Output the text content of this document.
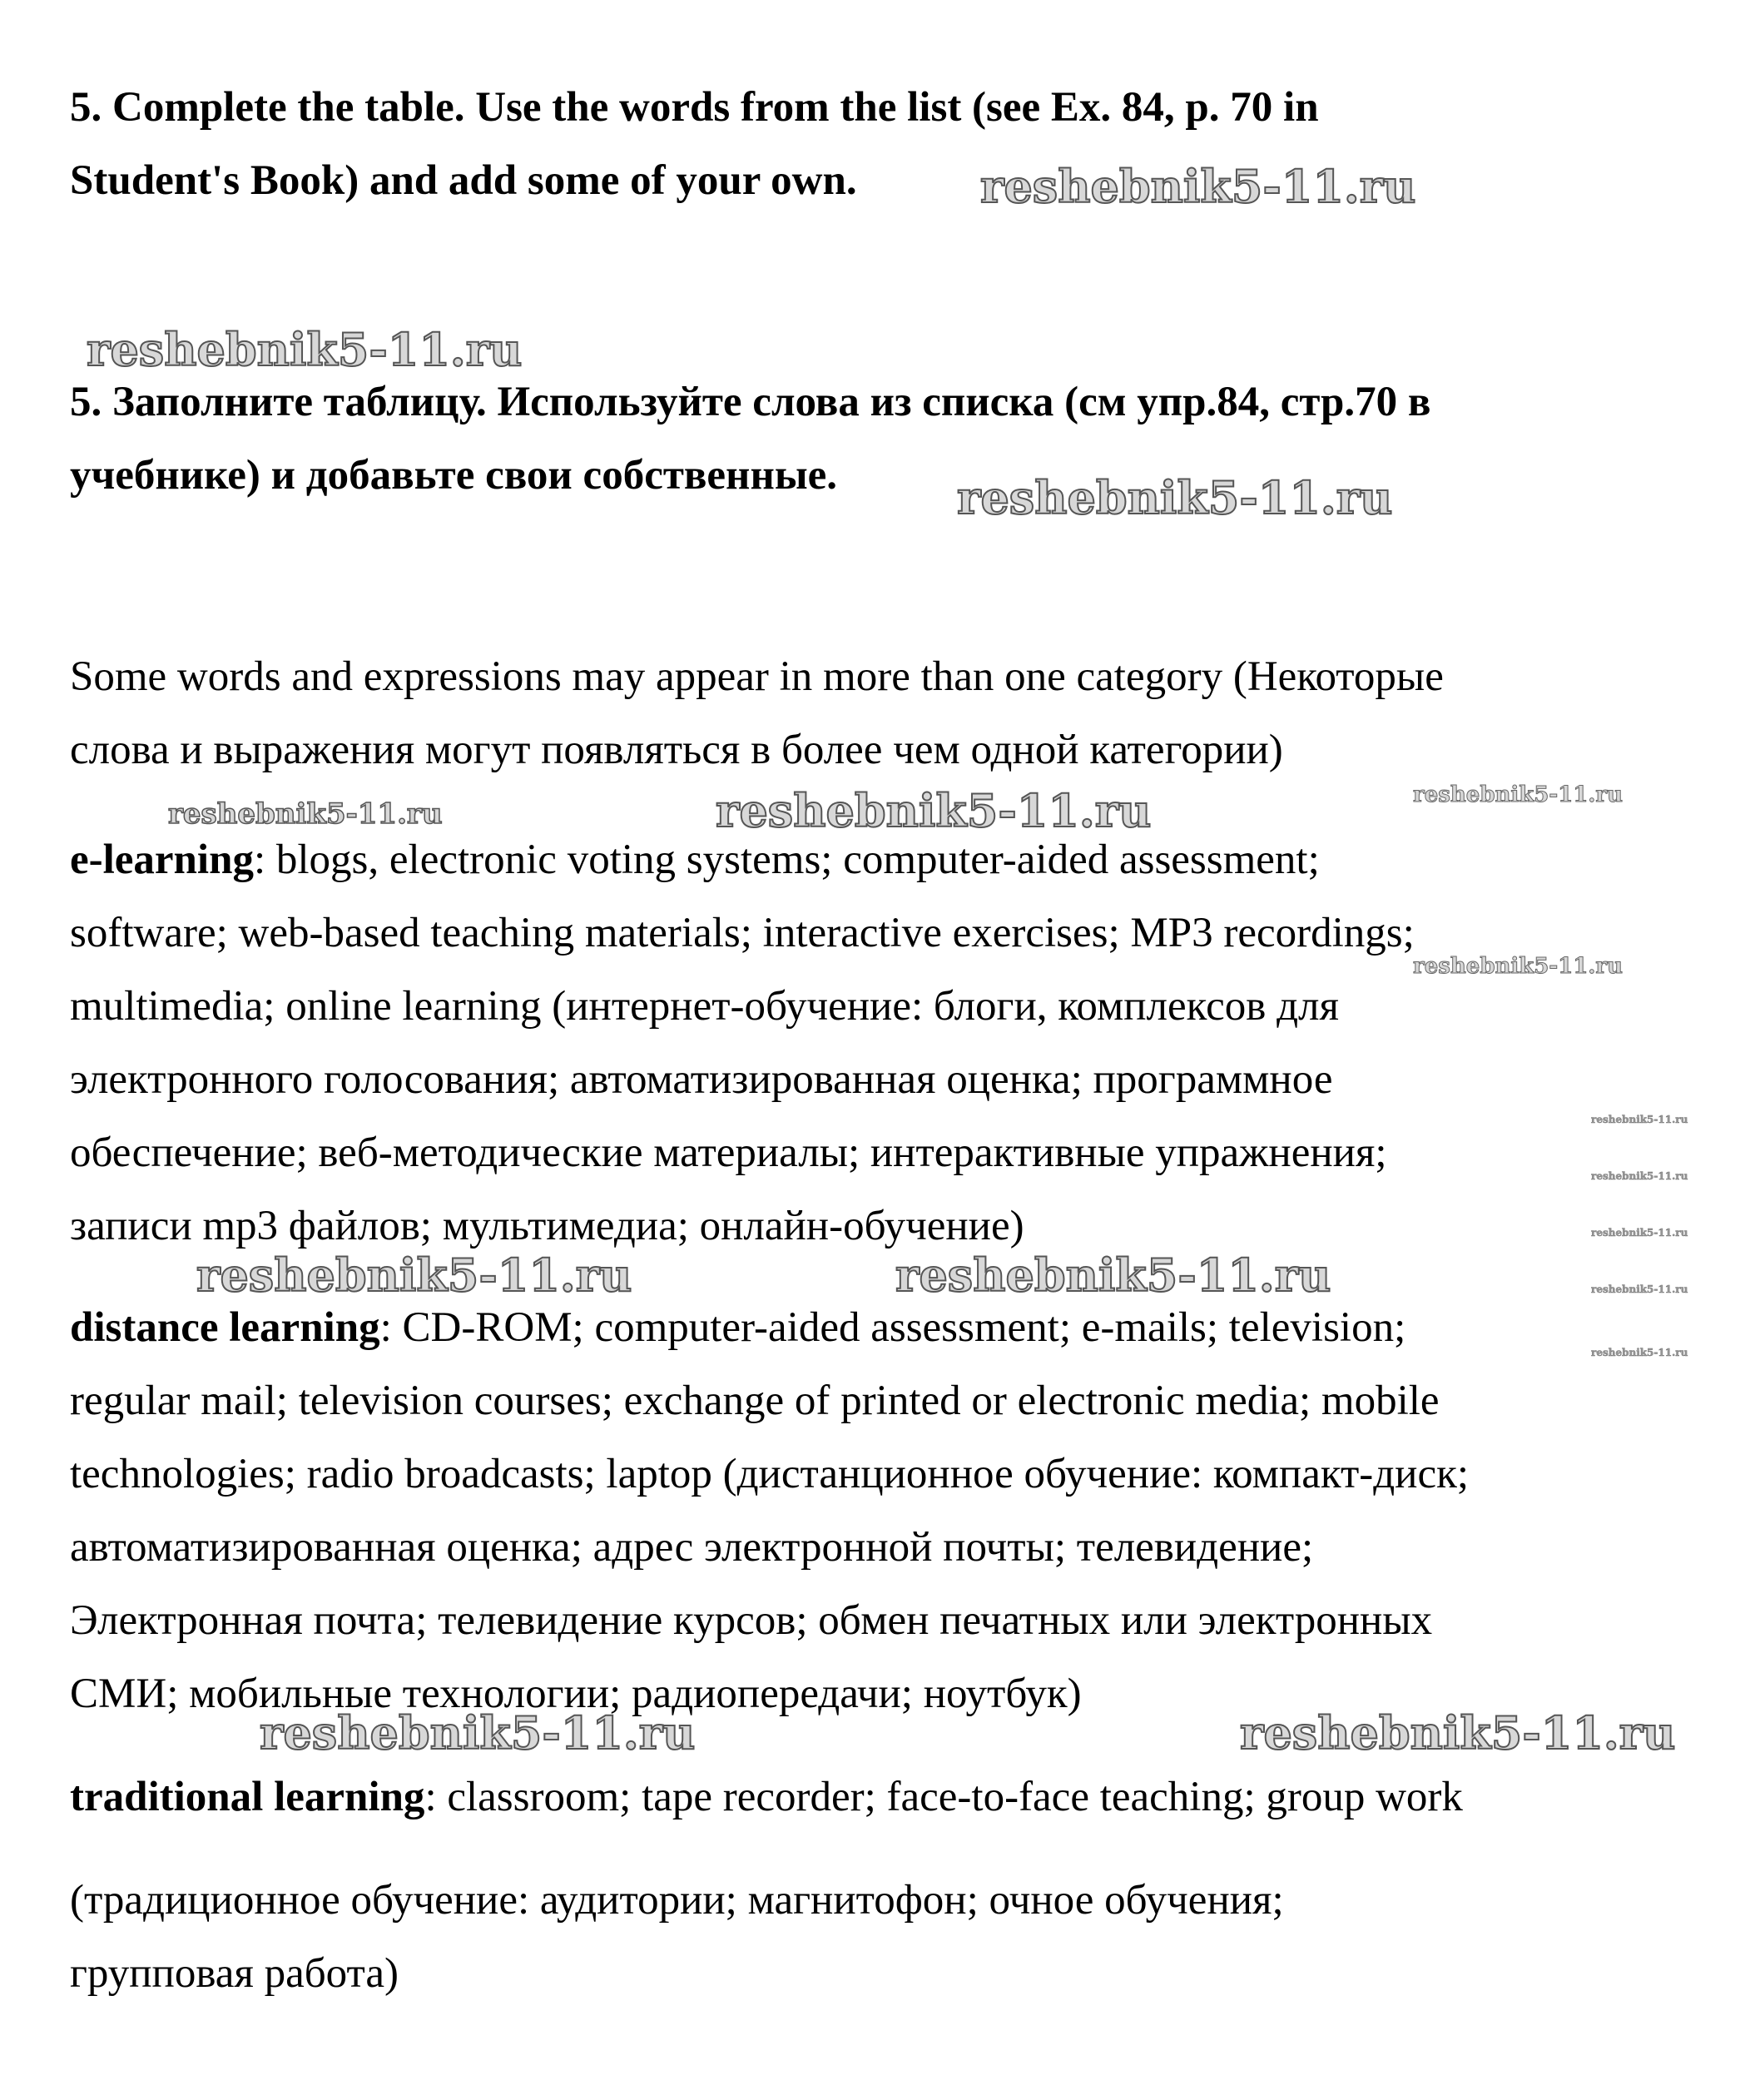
5. Complete the table. Use the words from the list (see Ex. 84, p. 70 in
Student's Book) and add some of your own.
5. Заполните таблицу. Используйте слова из списка (см упр.84, стр.70 в
учебнике) и добавьте свои собственные.
Some words and expressions may appear in more than one category (Некоторые
слова и выражения могут появляться в более чем одной категории)
e-learning: blogs, electronic voting systems; computer-aided assessment;
software; web-based teaching materials; interactive exercises; MP3 recordings;
multimedia; online learning (интернет-обучение: блоги, комплексов для
электронного голосования; автоматизированная оценка; программное
обеспечение; веб-методические материалы; интерактивные упражнения;
записи mp3 файлов; мультимедиа; онлайн-обучение)
distance learning: CD-ROM; computer-aided assessment; e-mails; television;
regular mail; television courses; exchange of printed or electronic media; mobile
technologies; radio broadcasts; laptop (дистанционное обучение: компакт-диск;
автоматизированная оценка; адрес электронной почты; телевидение;
Электронная почта; телевидение курсов; обмен печатных или электронных
СМИ; мобильные технологии; радиопередачи; ноутбук)
traditional learning: classroom; tape recorder; face-to-face teaching; group work
(традиционное обучение: аудитории; магнитофон; очное обучения;
групповая работа)
reshebnik5-11.ru
reshebnik5-11.ru
reshebnik5-11.ru
reshebnik5-11.ru	reshebnik5-11.ru	reshebnik5-11.ru
reshebnik5-11.ru
reshebnik5-11.ru
reshebnik5-11.ru
reshebnik5-11.ru
reshebnik5-11.ru
reshebnik5-11.ru
reshebnik5-11.ru	reshebnik5-11.ru
reshebnik5-11.ru	reshebnik5-11.ru
